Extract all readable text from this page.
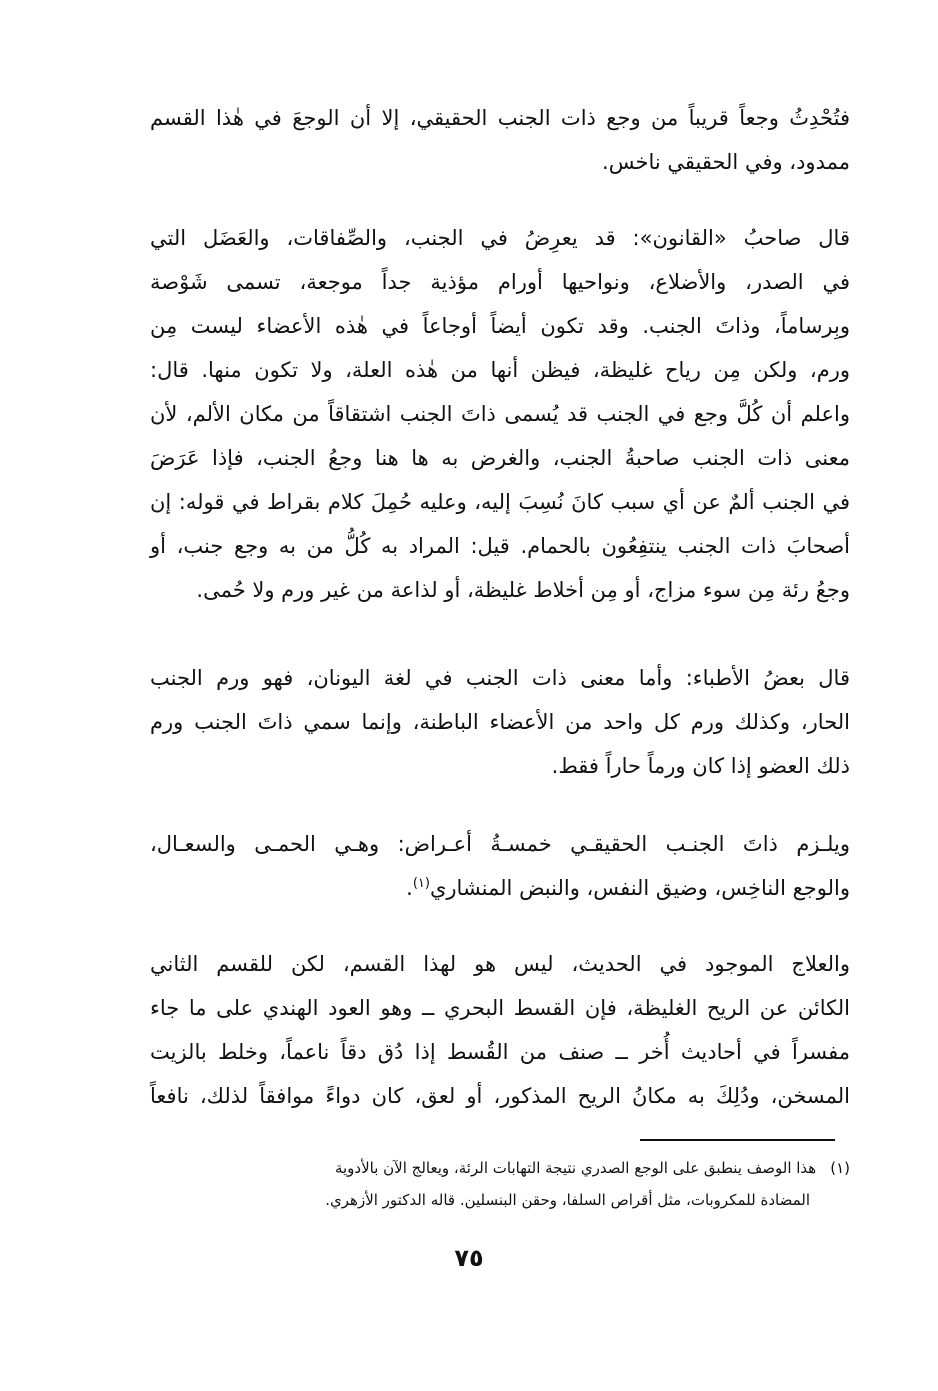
فتُحْدِثُ وجعاً قريباً من وجع ذات الجنب الحقيقي، إلا أن الوجعَ في هٰذا القسم
ممدود، وفي الحقيقي ناخس.

قال صاحبُ «القانون»: قد يعرِضُ في الجنب، والصِّفاقات، والعَضَل التي
في الصدر، والأضلاع، ونواحيها أورام مؤذية جداً موجعة، تسمى شَوْصة
وبِرساماً، وذاتَ الجنب. وقد تكون أيضاً أوجاعاً في هٰذه الأعضاء ليست مِن
ورم، ولكن مِن رياح غليظة، فيظن أنها من هٰذه العلة، ولا تكون منها. قال:
واعلم أن كُلَّ وجع في الجنب قد يُسمى ذاتَ الجنب اشتقاقاً من مكان الألم، لأن
معنى ذات الجنب صاحبةُ الجنب، والغرض به ها هنا وجعُ الجنب، فإذا عَرَضَ
في الجنب ألمٌ عن أي سبب كانَ نُسِبَ إليه، وعليه حُمِلَ كلام بقراط في قوله: إن
أصحابَ ذات الجنب ينتفِعُون بالحمام. قيل: المراد به كُلُّ من به وجع جنب، أو
وجعُ رئة مِن سوء مزاج، أو مِن أخلاط غليظة، أو لذاعة من غير ورم ولا حُمى.

قال بعضُ الأطباء: وأما معنى ذات الجنب في لغة اليونان، فهو ورم الجنب
الحار، وكذلك ورم كل واحد من الأعضاء الباطنة، وإنما سمي ذاتَ الجنب ورم
ذلك العضو إذا كان ورماً حاراً فقط.

ويلـزم ذاتَ الجنـب الحقيقـي خمسـةُ أعـراض: وهـي الحمـى والسعـال،
والوجع الناخِس، وضيق النفس، والنبض المنشاري$^{(١)}$.

والعلاج الموجود في الحديث، ليس هو لهذا القسم، لكن للقسم الثاني
الكائن عن الريح الغليظة، فإن القسط البحري ــ وهو العود الهندي على ما جاء
مفسراً في أحاديث أُخر ــ صنف من القُسط إذا دُق دقاً ناعماً، وخلط بالزيت
المسخن، ودُلِكَ به مكانُ الريح المذكور، أو لعق، كان دواءً موافقاً لذلك، نافعاً

(١)هذا الوصف ينطبق على الوجع الصدري نتيجة التهابات الرئة، ويعالج الآن بالأدوية
المضادة للمكروبات، مثل أقراص السلفا، وحقن البنسلين. قاله الدكتور الأزهري.
٧٥
